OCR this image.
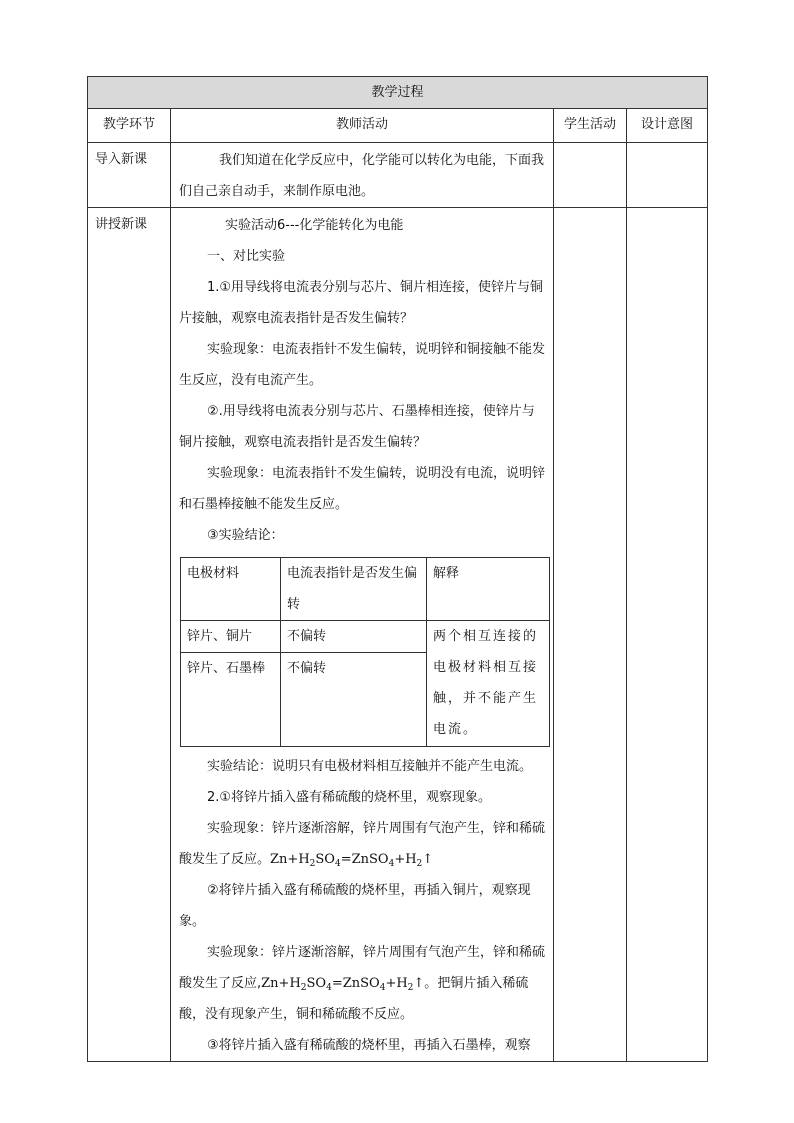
教学过程
教学环节	教师活动	学生活动	设计意图
导入新课	我们知道在化学反应中，化学能可以转化为电能，下面我们自己亲自动手，来制作原电池。

讲授新课	实验活动6---化学能转化为电能

一、对比实验

1.①用导线将电流表分别与芯片、铜片相连接，使锌片与铜片接触，观察电流表指针是否发生偏转？

实验现象：电流表指针不发生偏转，说明锌和铜接触不能发生反应，没有电流产生。

②.用导线将电流表分别与芯片、石墨棒相连接，使锌片与铜片接触，观察电流表指针是否发生偏转？

实验现象：电流表指针不发生偏转，说明没有电流，说明锌和石墨棒接触不能发生反应。

③实验结论：

电极材料	电流表指针是否发生偏转	解释
锌片、铜片	不偏转	两个相互连接的电极材料相互接触，并不能产生电流。
锌片、石墨棒	不偏转

实验结论：说明只有电极材料相互接触并不能产生电流。

2.①将锌片插入盛有稀硫酸的烧杯里，观察现象。

实验现象：锌片逐渐溶解，锌片周围有气泡产生，锌和稀硫酸发生了反应。$Zn+H_2SO_4=ZnSO_4+H_2↑$

②将锌片插入盛有稀硫酸的烧杯里，再插入铜片，观察现象。

实验现象：锌片逐渐溶解，锌片周围有气泡产生，锌和稀硫酸发生了反应$,Zn+H_2SO_4=ZnSO_4+H_2↑$。把铜片插入稀硫酸，没有现象产生，铜和稀硫酸不反应。

③将锌片插入盛有稀硫酸的烧杯里，再插入石墨棒，观察
